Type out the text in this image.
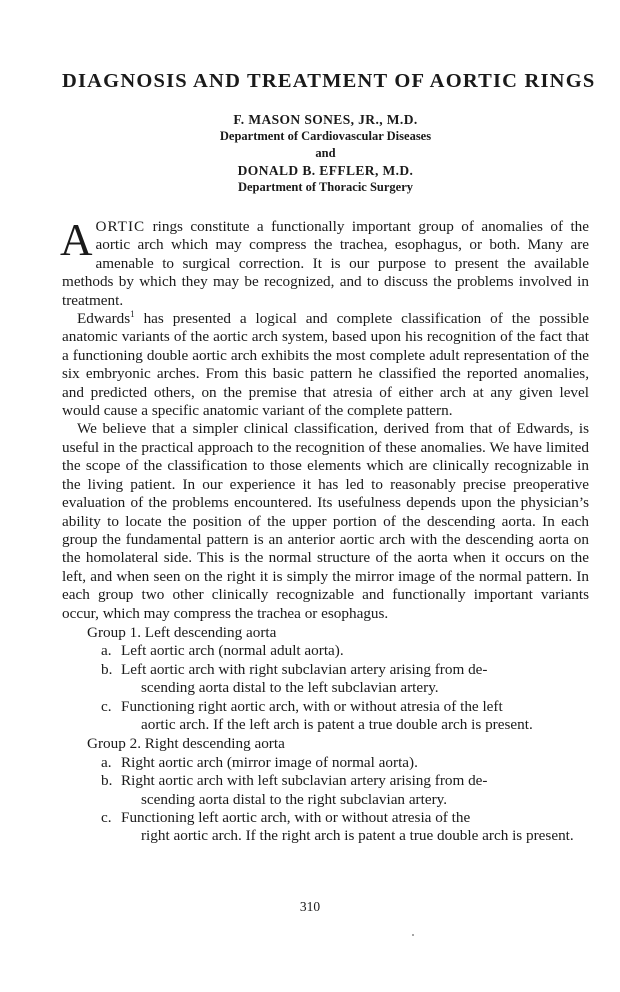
DIAGNOSIS AND TREATMENT OF AORTIC RINGS
F. MASON SONES, JR., M.D.
Department of Cardiovascular Diseases
and
DONALD B. EFFLER, M.D.
Department of Thoracic Surgery

AORTIC rings constitute a functionally important group of anomalies of the aortic arch which may compress the trachea, esophagus, or both. Many are amenable to surgical correction. It is our purpose to present the available methods by which they may be recognized, and to discuss the problems involved in treatment.

Edwards$^1$ has presented a logical and complete classification of the possible anatomic variants of the aortic arch system, based upon his recognition of the fact that a functioning double aortic arch exhibits the most complete adult representation of the six embryonic arches. From this basic pattern he classified the reported anomalies, and predicted others, on the premise that atresia of either arch at any given level would cause a specific anatomic variant of the complete pattern.

We believe that a simpler clinical classification, derived from that of Edwards, is useful in the practical approach to the recognition of these anomalies. We have limited the scope of the classification to those elements which are clinically recognizable in the living patient. In our experience it has led to reasonably precise preoperative evaluation of the problems encountered. Its usefulness depends upon the physician’s ability to locate the position of the upper portion of the descending aorta. In each group the fundamental pattern is an anterior aortic arch with the descending aorta on the homolateral side. This is the normal structure of the aorta when it occurs on the left, and when seen on the right it is simply the mirror image of the normal pattern. In each group two other clinically recognizable and functionally important variants occur, which may compress the trachea or esophagus.

Group 1. Left descending aorta
a. Left aortic arch (normal adult aorta).
b. Left aortic arch with right subclavian artery arising from de-
scending aorta distal to the left subclavian artery.
c. Functioning right aortic arch, with or without atresia of the left
aortic arch. If the left arch is patent a true double arch is present.
Group 2. Right descending aorta
a. Right aortic arch (mirror image of normal aorta).
b. Right aortic arch with left subclavian artery arising from de-
scending aorta distal to the right subclavian artery.
c. Functioning left aortic arch, with or without atresia of the
right aortic arch. If the right arch is patent a true double arch is present.
310
